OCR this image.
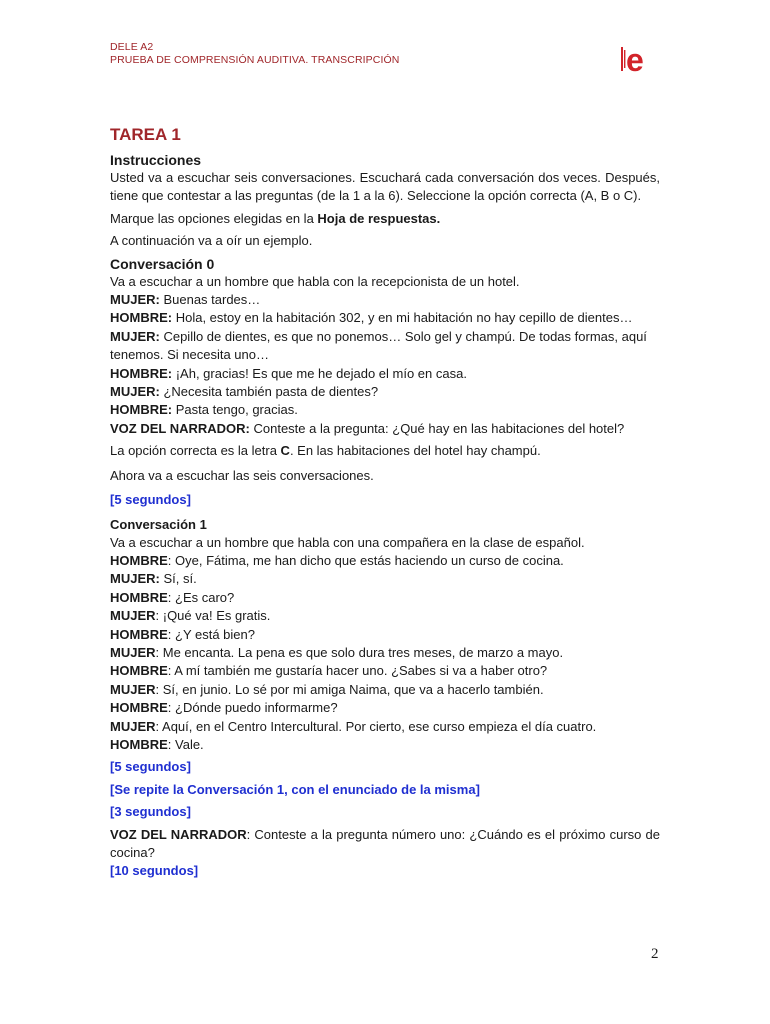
DELE A2
PRUEBA DE COMPRENSIÓN AUDITIVA. TRANSCRIPCIÓN	e
TAREA 1
Instrucciones

Usted va a escuchar seis conversaciones. Escuchará cada conversación dos veces. Después, tiene que contestar a las preguntas (de la 1 a la 6). Seleccione la opción correcta (A, B o C).

Marque las opciones elegidas en la Hoja de respuestas.

A continuación va a oír un ejemplo.

Conversación 0

Va a escuchar a un hombre que habla con la recepcionista de un hotel.

MUJER: Buenas tardes…

HOMBRE: Hola, estoy en la habitación 302, y en mi habitación no hay cepillo de dientes…

MUJER: Cepillo de dientes, es que no ponemos… Solo gel y champú. De todas formas, aquí tenemos. Si necesita uno…

HOMBRE: ¡Ah, gracias! Es que me he dejado el mío en casa.

MUJER: ¿Necesita también pasta de dientes?

HOMBRE: Pasta tengo, gracias.

VOZ DEL NARRADOR: Conteste a la pregunta: ¿Qué hay en las habitaciones del hotel?

La opción correcta es la letra C. En las habitaciones del hotel hay champú.

Ahora va a escuchar las seis conversaciones.

[5 segundos]

Conversación 1

Va a escuchar a un hombre que habla con una compañera en la clase de español.

HOMBRE: Oye, Fátima, me han dicho que estás haciendo un curso de cocina.

MUJER: Sí, sí.

HOMBRE: ¿Es caro?

MUJER: ¡Qué va! Es gratis.

HOMBRE: ¿Y está bien?

MUJER: Me encanta. La pena es que solo dura tres meses, de marzo a mayo.

HOMBRE: A mí también me gustaría hacer uno. ¿Sabes si va a haber otro?

MUJER: Sí, en junio. Lo sé por mi amiga Naima, que va a hacerlo también.

HOMBRE: ¿Dónde puedo informarme?

MUJER: Aquí, en el Centro Intercultural. Por cierto, ese curso empieza el día cuatro.

HOMBRE: Vale.

[5 segundos]

[Se repite la Conversación 1, con el enunciado de la misma]

[3 segundos]

VOZ DEL NARRADOR: Conteste a la pregunta número uno: ¿Cuándo es el próximo curso de cocina?

[10 segundos]

2
